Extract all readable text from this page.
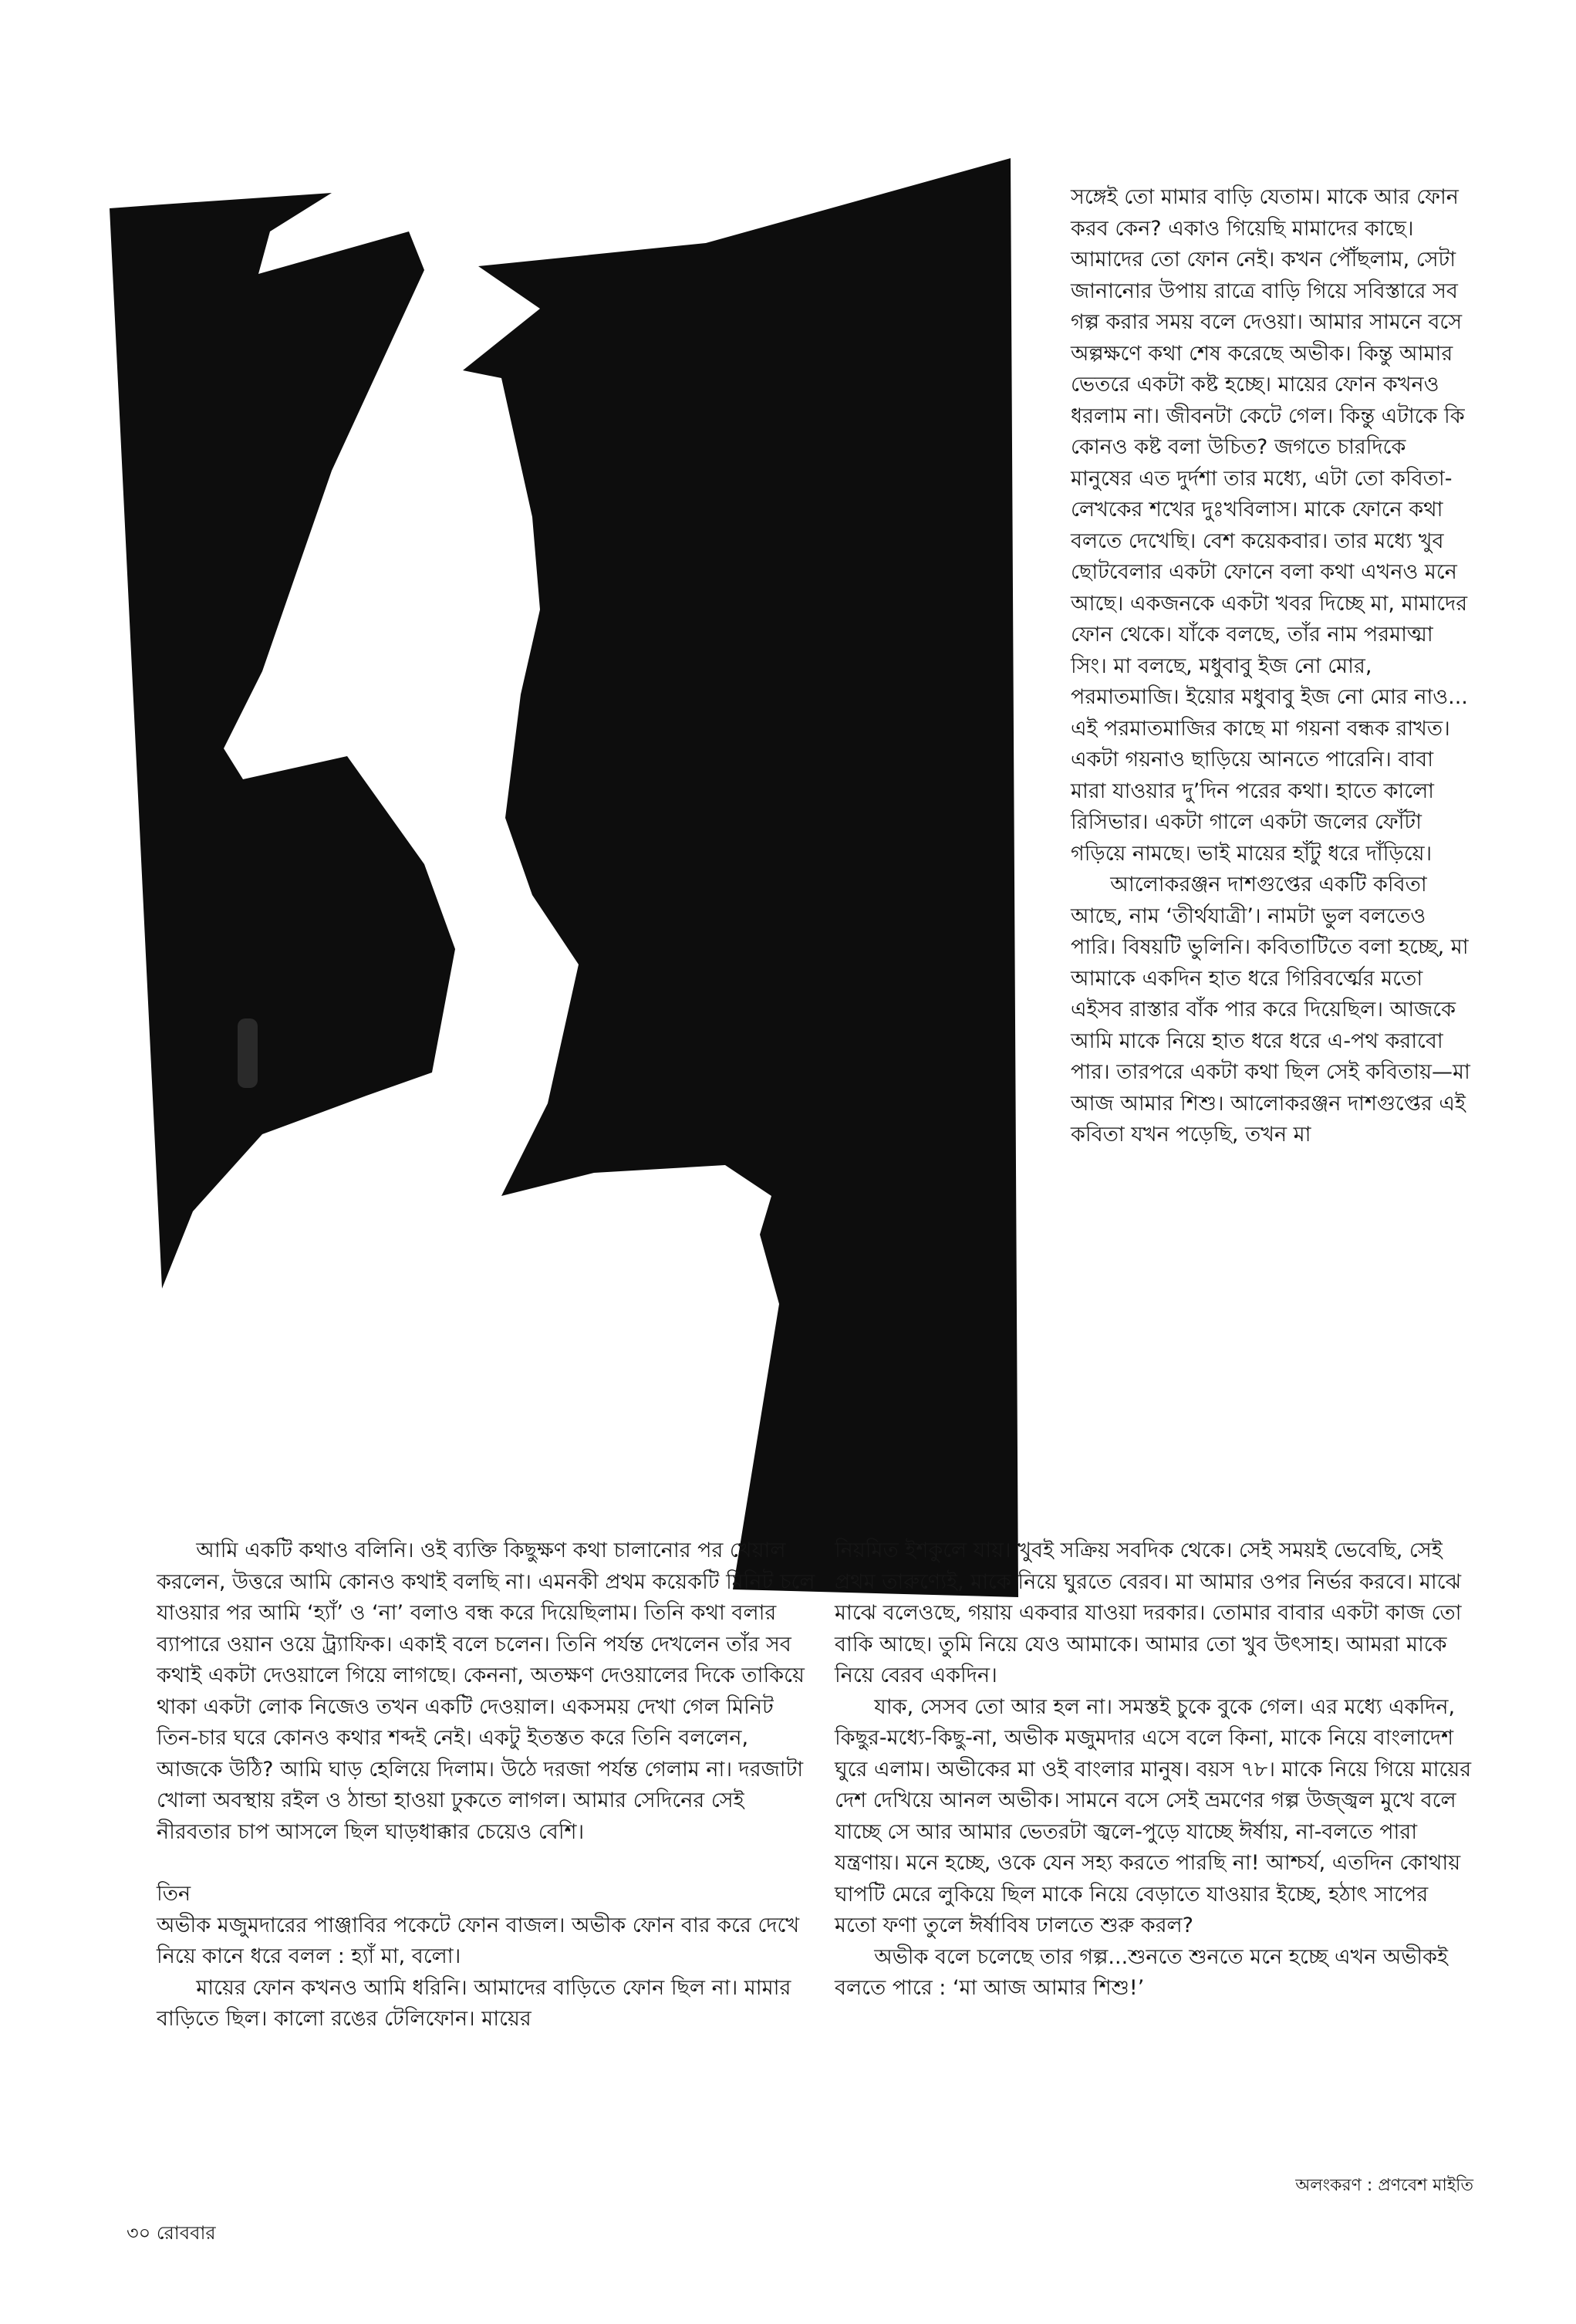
সঙ্গেই তো মামার বাড়ি যেতাম। মাকে আর ফোন করব কেন? একাও গিয়েছি মামাদের কাছে। আমাদের তো ফোন নেই। কখন পৌঁছলাম, সেটা জানানোর উপায় রাত্রে বাড়ি গিয়ে সবিস্তারে সব গল্প করার সময় বলে দেওয়া। আমার সামনে বসে অল্পক্ষণে কথা শেষ করেছে অভীক। কিন্তু আমার ভেতরে একটা কষ্ট হচ্ছে। মায়ের ফোন কখনও ধরলাম না। জীবনটা কেটে গেল। কিন্তু এটাকে কি কোনও কষ্ট বলা উচিত? জগতে চারদিকে মানুষের এত দুর্দশা তার মধ্যে, এটা তো কবিতা-লেখকের শখের দুঃখবিলাস। মাকে ফোনে কথা বলতে দেখেছি। বেশ কয়েকবার। তার মধ্যে খুব ছোটবেলার একটা ফোনে বলা কথা এখনও মনে আছে। একজনকে একটা খবর দিচ্ছে মা, মামাদের ফোন থেকে। যাঁকে বলছে, তাঁর নাম পরমাত্মা সিং। মা বলছে, মধুবাবু ইজ নো মোর, পরমাতমাজি। ইয়োর মধুবাবু ইজ নো মোর নাও... এই পরমাতমাজির কাছে মা গয়না বন্ধক রাখত। একটা গয়নাও ছাড়িয়ে আনতে পারেনি। বাবা মারা যাওয়ার দু’দিন পরের কথা। হাতে কালো রিসিভার। একটা গালে একটা জলের ফোঁটা গড়িয়ে নামছে। ভাই মায়ের হাঁটু ধরে দাঁড়িয়ে।

আলোকরঞ্জন দাশগুপ্তের একটি কবিতা আছে, নাম ‘তীর্থযাত্রী’। নামটা ভুল বলতেও পারি। বিষয়টি ভুলিনি। কবিতাটিতে বলা হচ্ছে, মা আমাকে একদিন হাত ধরে গিরিবর্ত্মের মতো এইসব রাস্তার বাঁক পার করে দিয়েছিল। আজকে আমি মাকে নিয়ে হাত ধরে ধরে এ-পথ করাবো পার। তারপরে একটা কথা ছিল সেই কবিতায়—মা আজ আমার শিশু। আলোকরঞ্জন দাশগুপ্তের এই কবিতা যখন পড়েছি, তখন মা

আমি একটি কথাও বলিনি। ওই ব্যক্তি কিছুক্ষণ কথা চালানোর পর খেয়াল করলেন, উত্তরে আমি কোনও কথাই বলছি না। এমনকী প্রথম কয়েকটি মিনিট চলে যাওয়ার পর আমি ‘হ্যাঁ’ ও ‘না’ বলাও বন্ধ করে দিয়েছিলাম। তিনি কথা বলার ব্যাপারে ওয়ান ওয়ে ট্র্যাফিক। একাই বলে চলেন। তিনি পর্যন্ত দেখলেন তাঁর সব কথাই একটা দেওয়ালে গিয়ে লাগছে। কেননা, অতক্ষণ দেওয়ালের দিকে তাকিয়ে থাকা একটা লোক নিজেও তখন একটি দেওয়াল। একসময় দেখা গেল মিনিট তিন-চার ঘরে কোনও কথার শব্দই নেই। একটু ইতস্তত করে তিনি বললেন, আজকে উঠি? আমি ঘাড় হেলিয়ে দিলাম। উঠে দরজা পর্যন্ত গেলাম না। দরজাটা খোলা অবস্থায় রইল ও ঠান্ডা হাওয়া ঢুকতে লাগল। আমার সেদিনের সেই নীরবতার চাপ আসলে ছিল ঘাড়ধাক্কার চেয়েও বেশি।

তিন

অভীক মজুমদারের পাঞ্জাবির পকেটে ফোন বাজল। অভীক ফোন বার করে দেখে নিয়ে কানে ধরে বলল : হ্যাঁ মা, বলো।

মায়ের ফোন কখনও আমি ধরিনি। আমাদের বাড়িতে ফোন ছিল না। মামার বাড়িতে ছিল। কালো রঙের টেলিফোন। মায়ের

নিয়মিত ইশকুলে যায়। খুবই সক্রিয় সবদিক থেকে। সেই সময়ই ভেবেছি, সেই প্রথম তারুণ্যেই, মাকে নিয়ে ঘুরতে বেরব। মা আমার ওপর নির্ভর করবে। মাঝে মাঝে বলেওছে, গয়ায় একবার যাওয়া দরকার। তোমার বাবার একটা কাজ তো বাকি আছে। তুমি নিয়ে যেও আমাকে। আমার তো খুব উৎসাহ। আমরা মাকে নিয়ে বেরব একদিন।

যাক, সেসব তো আর হল না। সমস্তই চুকে বুকে গেল। এর মধ্যে একদিন, কিছুর-মধ্যে-কিছু-না, অভীক মজুমদার এসে বলে কিনা, মাকে নিয়ে বাংলাদেশ ঘুরে এলাম। অভীকের মা ওই বাংলার মানুষ। বয়স ৭৮। মাকে নিয়ে গিয়ে মায়ের দেশ দেখিয়ে আনল অভীক। সামনে বসে সেই ভ্রমণের গল্প উজ্জ্বল মুখে বলে যাচ্ছে সে আর আমার ভেতরটা জ্বলে-পুড়ে যাচ্ছে ঈর্ষায়, না-বলতে পারা যন্ত্রণায়। মনে হচ্ছে, ওকে যেন সহ্য করতে পারছি না! আশ্চর্য, এতদিন কোথায় ঘাপটি মেরে লুকিয়ে ছিল মাকে নিয়ে বেড়াতে যাওয়ার ইচ্ছে, হঠাৎ সাপের মতো ফণা তুলে ঈর্ষাবিষ ঢালতে শুরু করল?

অভীক বলে চলেছে তার গল্প...শুনতে শুনতে মনে হচ্ছে এখন অভীকই বলতে পারে : ‘মা আজ আমার শিশু!’

অলংকরণ : প্রণবেশ মাইতি
৩০ রোববার
